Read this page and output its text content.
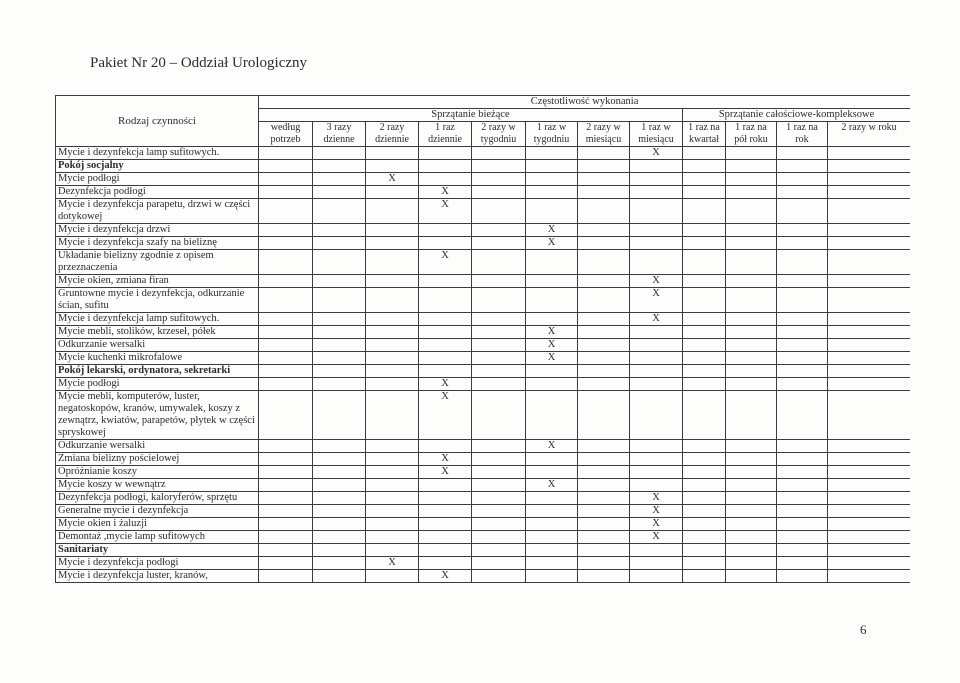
Pakiet Nr 20 – Oddział Urologiczny
Rodzaj czynności	Częstotliwość wykonania											
	Sprzątanie bieżące								Sprzątanie całościowe-kompleksowe			
	według potrzeb	3 razy dzienne	2 razy dziennie	1 raz dziennie	2 razy w tygodniu	1 raz w tygodniu	2 razy w miesiącu	1 raz w miesiącu	1 raz na kwartał	1 raz na pół roku	1 raz na rok	2 razy w roku
Mycie i dezynfekcja lamp sufitowych.								X				
Pokój socjalny												
Mycie podłogi			X									
Dezynfekcja podłogi				X								
Mycie i dezynfekcja parapetu, drzwi w części dotykowej				X								
Mycie i dezynfekcja drzwi						X						
Mycie i dezynfekcja szafy na bieliznę						X						
Układanie bielizny zgodnie z opisem przeznaczenia				X								
Mycie okien, zmiana firan								X				
Gruntowne mycie i dezynfekcja, odkurzanie ścian, sufitu								X				
Mycie i dezynfekcja lamp sufitowych.								X				
Mycie mebli, stolików, krzeseł, półek						X						
Odkurzanie wersalki						X						
Mycie kuchenki mikrofalowe						X						
Pokój lekarski, ordynatora, sekretarki												
Mycie podłogi				X								
Mycie mebli, komputerów, luster, negatoskopów, kranów, umywalek, koszy z zewnątrz, kwiatów, parapetów, płytek w części spryskowej				X								
Odkurzanie wersalki						X						
Zmiana bielizny pościelowej				X								
Opróżnianie koszy				X								
Mycie koszy w wewnątrz						X						
Dezynfekcja podłogi, kaloryferów, sprzętu								X				
Generalne mycie i dezynfekcja								X				
Mycie okien i żaluzji								X				
Demontaż ,mycie lamp sufitowych								X				
Sanitariaty												
Mycie i dezynfekcja podłogi			X									
Mycie i dezynfekcja luster, kranów,				X								
6
